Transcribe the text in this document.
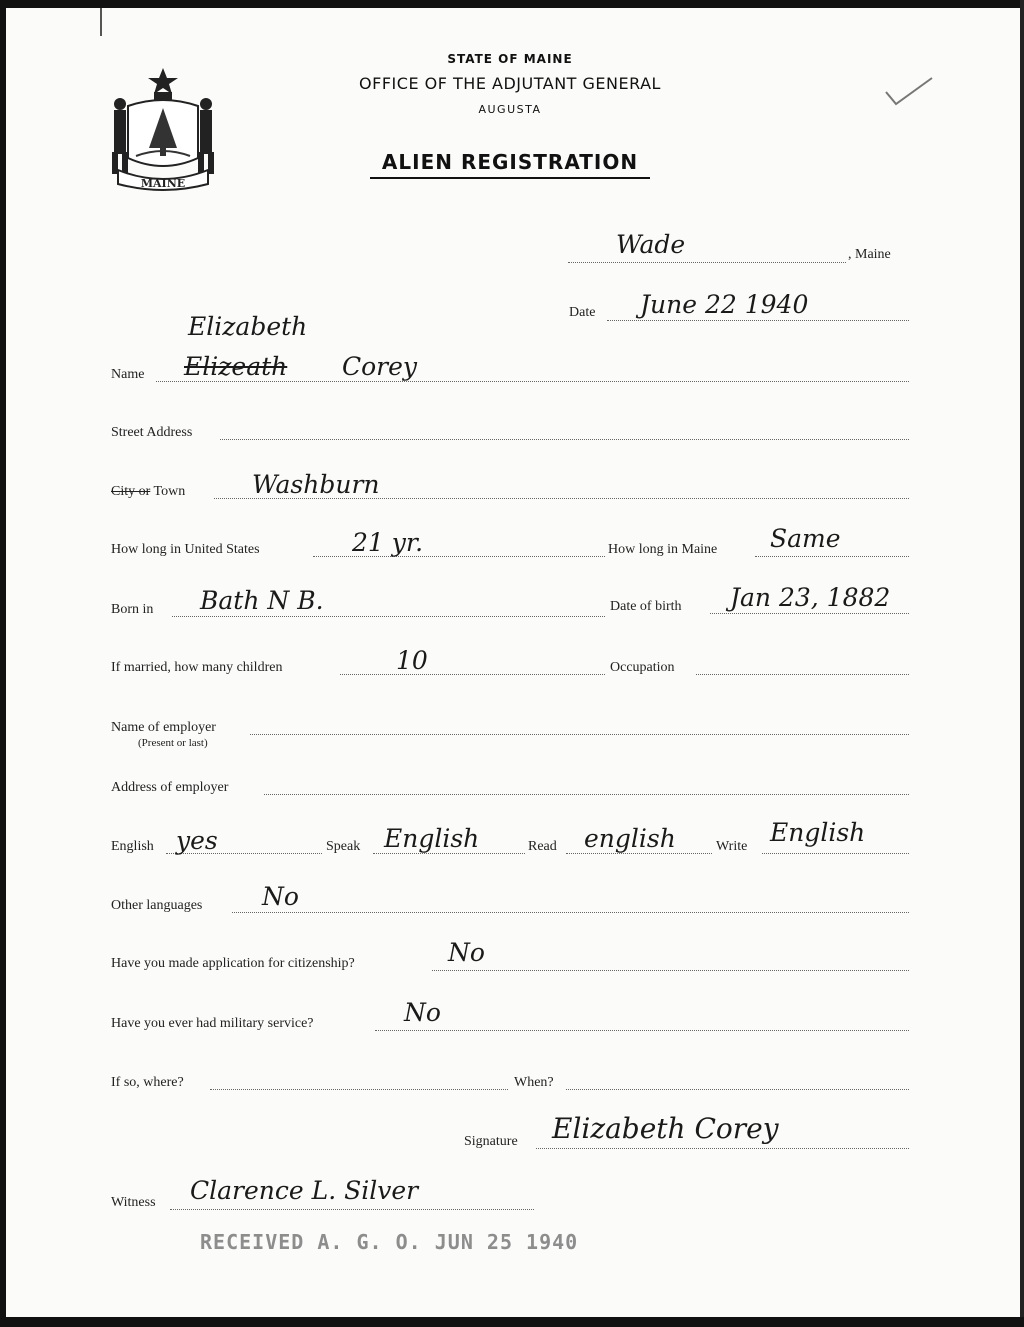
MAINE
STATE OF MAINE
OFFICE OF THE ADJUTANT GENERAL
AUGUSTA
ALIEN REGISTRATION
Wade	, Maine
Date June 22 1940
Elizabeth
Name Elizeath Corey
Street Address
City or Town	Washburn
How long in United States	21 yr.	How long in Maine Same
Born in Bath N B.	Date of birth Jan 23, 1882
If married, how many children	10	Occupation
Name of employer
(Present or last)
Address of employer
English yes	Speak English	Read english	Write English
Other languages No
Have you made application for citizenship?	No
Have you ever had military service?	No
If so, where?	When?
Signature Elizabeth Corey
Witness Clarence L. Silver
RECEIVED A. G. O. JUN 25 1940
